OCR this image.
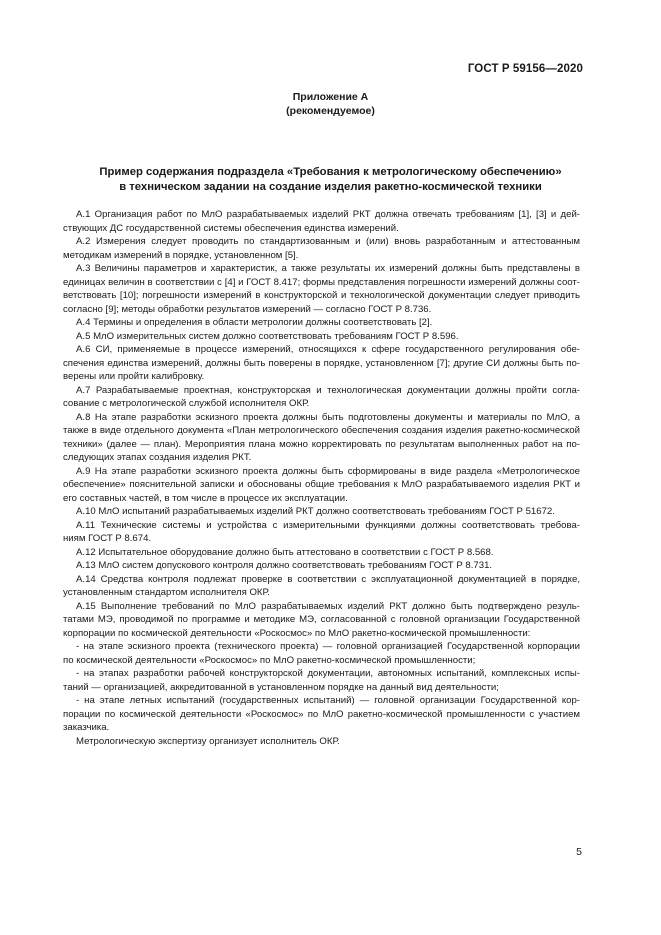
ГОСТ Р 59156—2020
Приложение А
(рекомендуемое)
Пример содержания подраздела «Требования к метрологическому обеспечению»
в техническом задании на создание изделия ракетно-космической техники
А.1 Организация работ по МлО разрабатываемых изделий РКТ должна отвечать требованиям [1], [3] и дей-
ствующих ДС государственной системы обеспечения единства измерений.
А.2 Измерения следует проводить по стандартизованным и (или) вновь разработанным и аттестованным
методикам измерений в порядке, установленном [5].
А.3 Величины параметров и характеристик, а также результаты их измерений должны быть представлены в
единицах величин в соответствии с [4] и ГОСТ 8.417; формы представления погрешности измерений должны соот-
ветствовать [10]; погрешности измерений в конструкторской и технологической документации следует приводить
согласно [9]; методы обработки результатов измерений — согласно ГОСТ Р 8.736.
А.4 Термины и определения в области метрологии должны соответствовать [2].
А.5 МлО измерительных систем должно соответствовать требованиям ГОСТ Р 8.596.
А.6 СИ, применяемые в процессе измерений, относящихся к сфере государственного регулирования обе-
спечения единства измерений, должны быть поверены в порядке, установленном [7]; другие СИ должны быть по-
верены или пройти калибровку.
А.7 Разрабатываемые проектная, конструкторская и технологическая документации должны пройти согла-
сование с метрологической службой исполнителя ОКР.
А.8 На этапе разработки эскизного проекта должны быть подготовлены документы и материалы по МлО, а
также в виде отдельного документа «План метрологического обеспечения создания изделия ракетно-космической
техники» (далее — план). Мероприятия плана можно корректировать по результатам выполненных работ на по-
следующих этапах создания изделия РКТ.
А.9 На этапе разработки эскизного проекта должны быть сформированы в виде раздела «Метрологическое
обеспечение» пояснительной записки и обоснованы общие требования к МлО разрабатываемого изделия РКТ и
его составных частей, в том числе в процессе их эксплуатации.
А.10 МлО испытаний разрабатываемых изделий РКТ должно соответствовать требованиям ГОСТ Р 51672.
А.11 Технические системы и устройства с измерительными функциями должны соответствовать требова-
ниям ГОСТ Р 8.674.
А.12 Испытательное оборудование должно быть аттестовано в соответствии с ГОСТ Р 8.568.
А.13 МлО систем допускового контроля должно соответствовать требованиям ГОСТ Р 8.731.
А.14 Средства контроля подлежат проверке в соответствии с эксплуатационной документацией в порядке,
установленным стандартом исполнителя ОКР.
А.15 Выполнение требований по МлО разрабатываемых изделий РКТ должно быть подтверждено резуль-
татами МЭ, проводимой по программе и методике МЭ, согласованной с головной организации Государственной
корпорации по космической деятельности «Роскосмос» по МлО ракетно-космической промышленности:
- на этапе эскизного проекта (технического проекта) — головной организацией Государственной корпорации
по космической деятельности «Роскосмос» по МлО ракетно-космической промышленности;
- на этапах разработки рабочей конструкторской документации, автономных испытаний, комплексных испы-
таний — организацией, аккредитованной в установленном порядке на данный вид деятельности;
- на этапе летных испытаний (государственных испытаний) — головной организации Государственной кор-
порации по космической деятельности «Роскосмос» по МлО ракетно-космической промышленности с участием
заказчика.
Метрологическую экспертизу организует исполнитель ОКР.
5
